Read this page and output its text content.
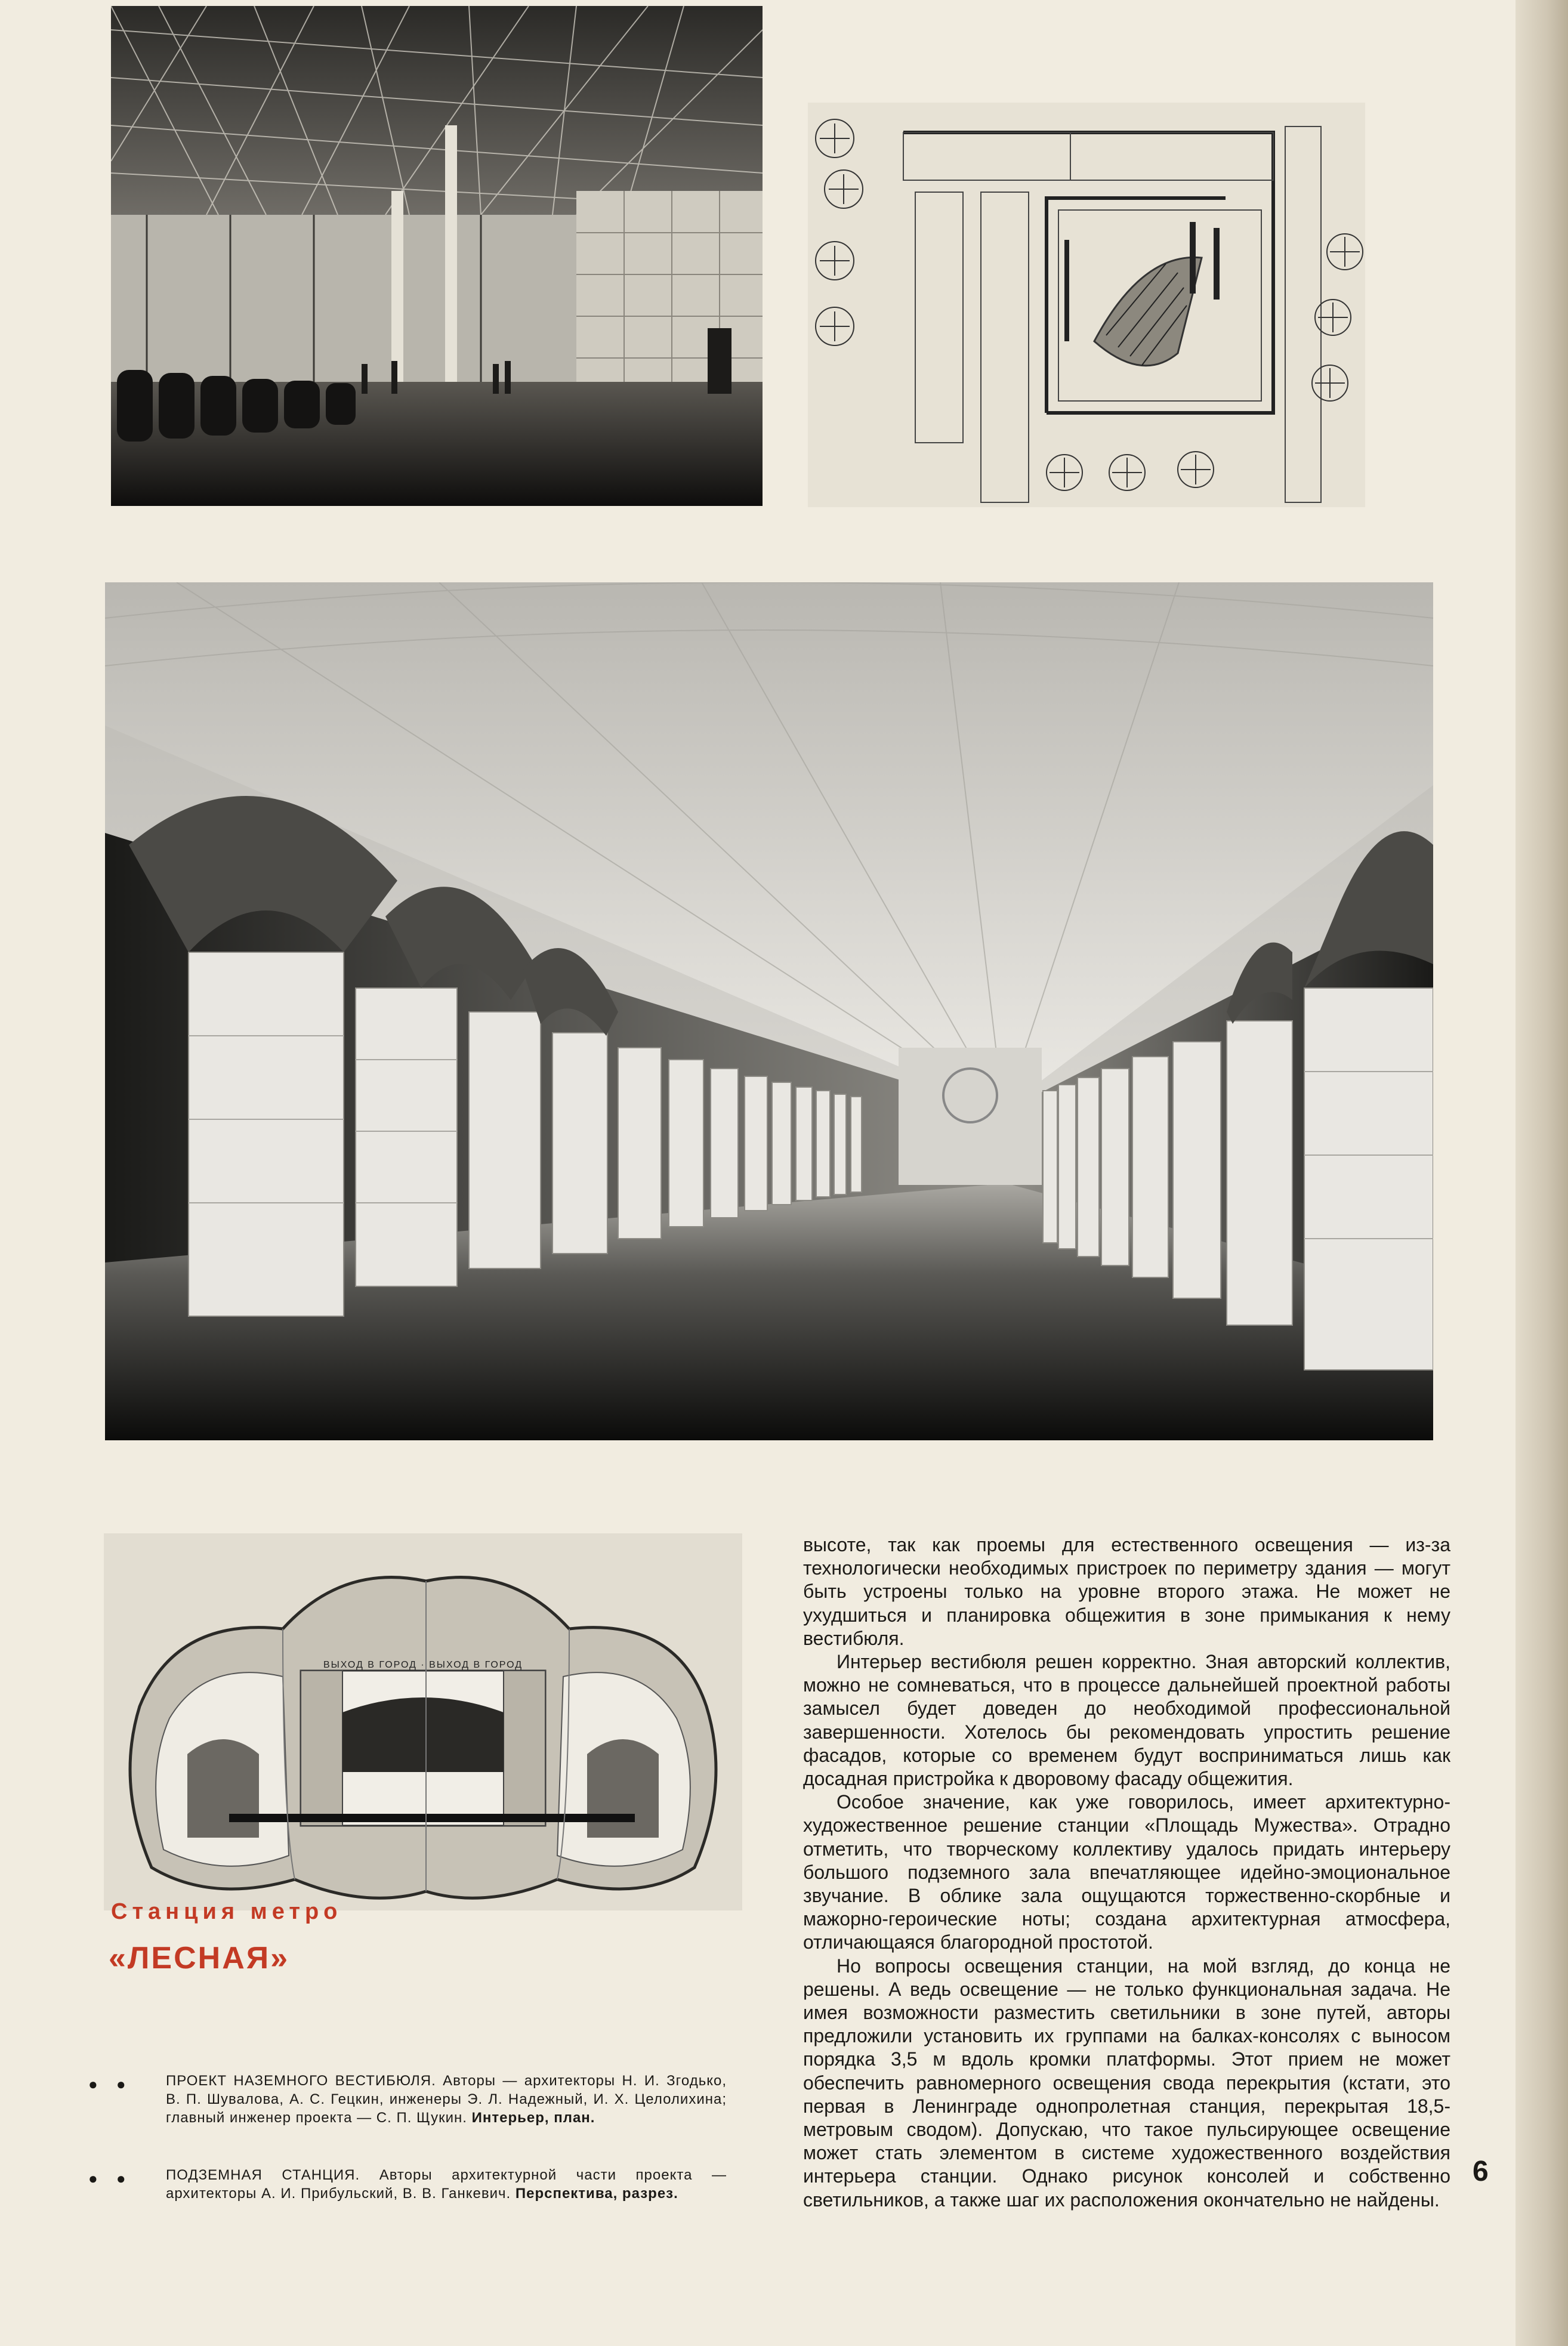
ВЫХОД В ГОРОД · ВЫХОД В ГОРОД

высоте, так как проемы для естественного освещения — из-за технологически необходимых пристроек по периметру здания — могут быть устроены только на уровне второго этажа. Не может не ухудшиться и планировка общежития в зоне примыкания к нему вестибюля.

Интерьер вестибюля решен корректно. Зная авторский коллектив, можно не сомневаться, что в процессе дальнейшей проектной работы замысел будет доведен до необходимой профессиональной завершенности. Хотелось бы рекомендовать упростить решение фасадов, которые со временем будут восприниматься лишь как досадная пристройка к дворовому фасаду общежития.

Особое значение, как уже говорилось, имеет архитектурно-художественное решение станции «Площадь Мужества». Отрадно отметить, что творческому коллективу удалось придать интерьеру большого подземного зала впечатляющее идейно-эмоциональное звучание. В облике зала ощущаются торжественно-скорбные и мажорно-героические ноты; создана архитектурная атмосфера, отличающаяся благородной простотой.

Но вопросы освещения станции, на мой взгляд, до конца не решены. А ведь освещение — не только функциональная задача. Не имея возможности разместить светильники в зоне путей, авторы предложили установить их группами на балках-консолях с выносом порядка 3,5 м вдоль кромки платформы. Этот прием не может обеспечить равномерного освещения свода перекрытия (кстати, это первая в Ленинграде однопролетная станция, перекрытая 18,5-метровым сводом). Допускаю, что такое пульсирующее освещение может стать элементом в системе художественного воздействия интерьера станции. Однако рисунок консолей и собственно светильников, а также шаг их расположения окончательно не найдены.

Станция метро
«ЛЕСНАЯ»
● ● ПРОЕКТ НАЗЕМНОГО ВЕСТИБЮЛЯ. Авторы — архитекторы Н. И. Згодько, В. П. Шувалова, А. С. Гецкин, инженеры Э. Л. Надежный, И. Х. Целолихина; главный инженер проекта — С. П. Щукин. Интерьер, план.
● ● ПОДЗЕМНАЯ СТАНЦИЯ. Авторы архитектурной части проекта — архитекторы А. И. Прибульский, В. В. Ганкевич. Перспектива, разрез.
6
